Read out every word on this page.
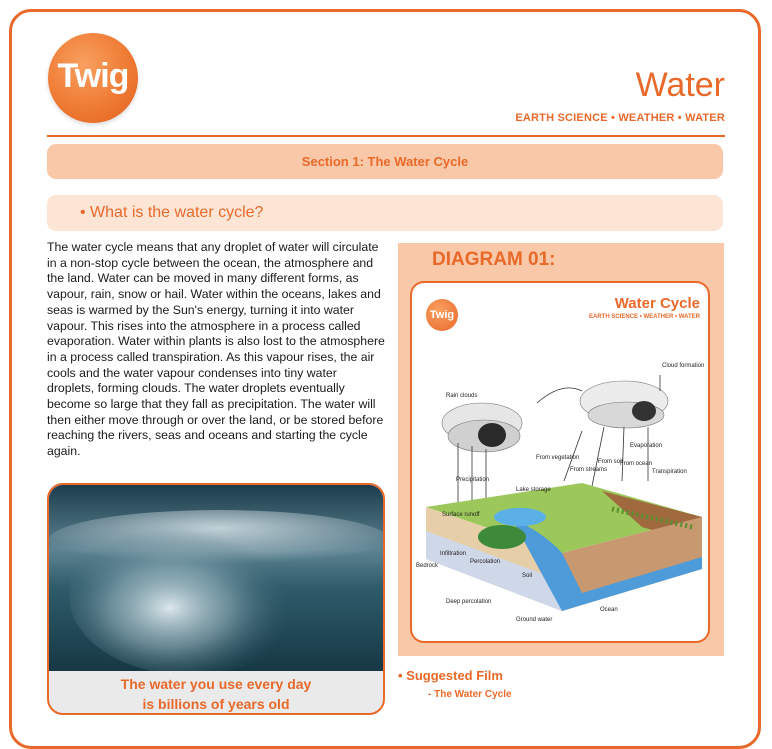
Twig	Water
EARTH SCIENCE • WEATHER • WATER
Section 1: The Water Cycle
• What is the water cycle?

The water cycle means that any droplet of water will circulate in a non-stop cycle between the ocean, the atmosphere and the land. Water can be moved in many different forms, as vapour, rain, snow or hail. Water within the oceans, lakes and seas is warmed by the Sun's energy, turning it into water vapour. This rises into the atmosphere in a process called evaporation. Water within plants is also lost to the atmosphere in a process called transpiration. As this vapour rises, the air cools and the water vapour condenses into tiny water droplets, forming clouds. The water droplets eventually become so large that they fall as precipitation. The water will then either move through or over the land, or be stored before reaching the rivers, seas and oceans and starting the cycle again.

The water you use every day
is billions of years old
DIAGRAM 01:
Twig
Water Cycle
EARTH SCIENCE • WEATHER • WATER
Rain clouds
Cloud formation
From vegetation
From streams
From soil
From ocean
Evaporation
Transpiration
Precipitation
Lake storage
Surface runoff
Infiltration
Percolation
Soil
Bedrock
Deep percolation
Ground water
Ocean
• Suggested Film
- The Water Cycle
